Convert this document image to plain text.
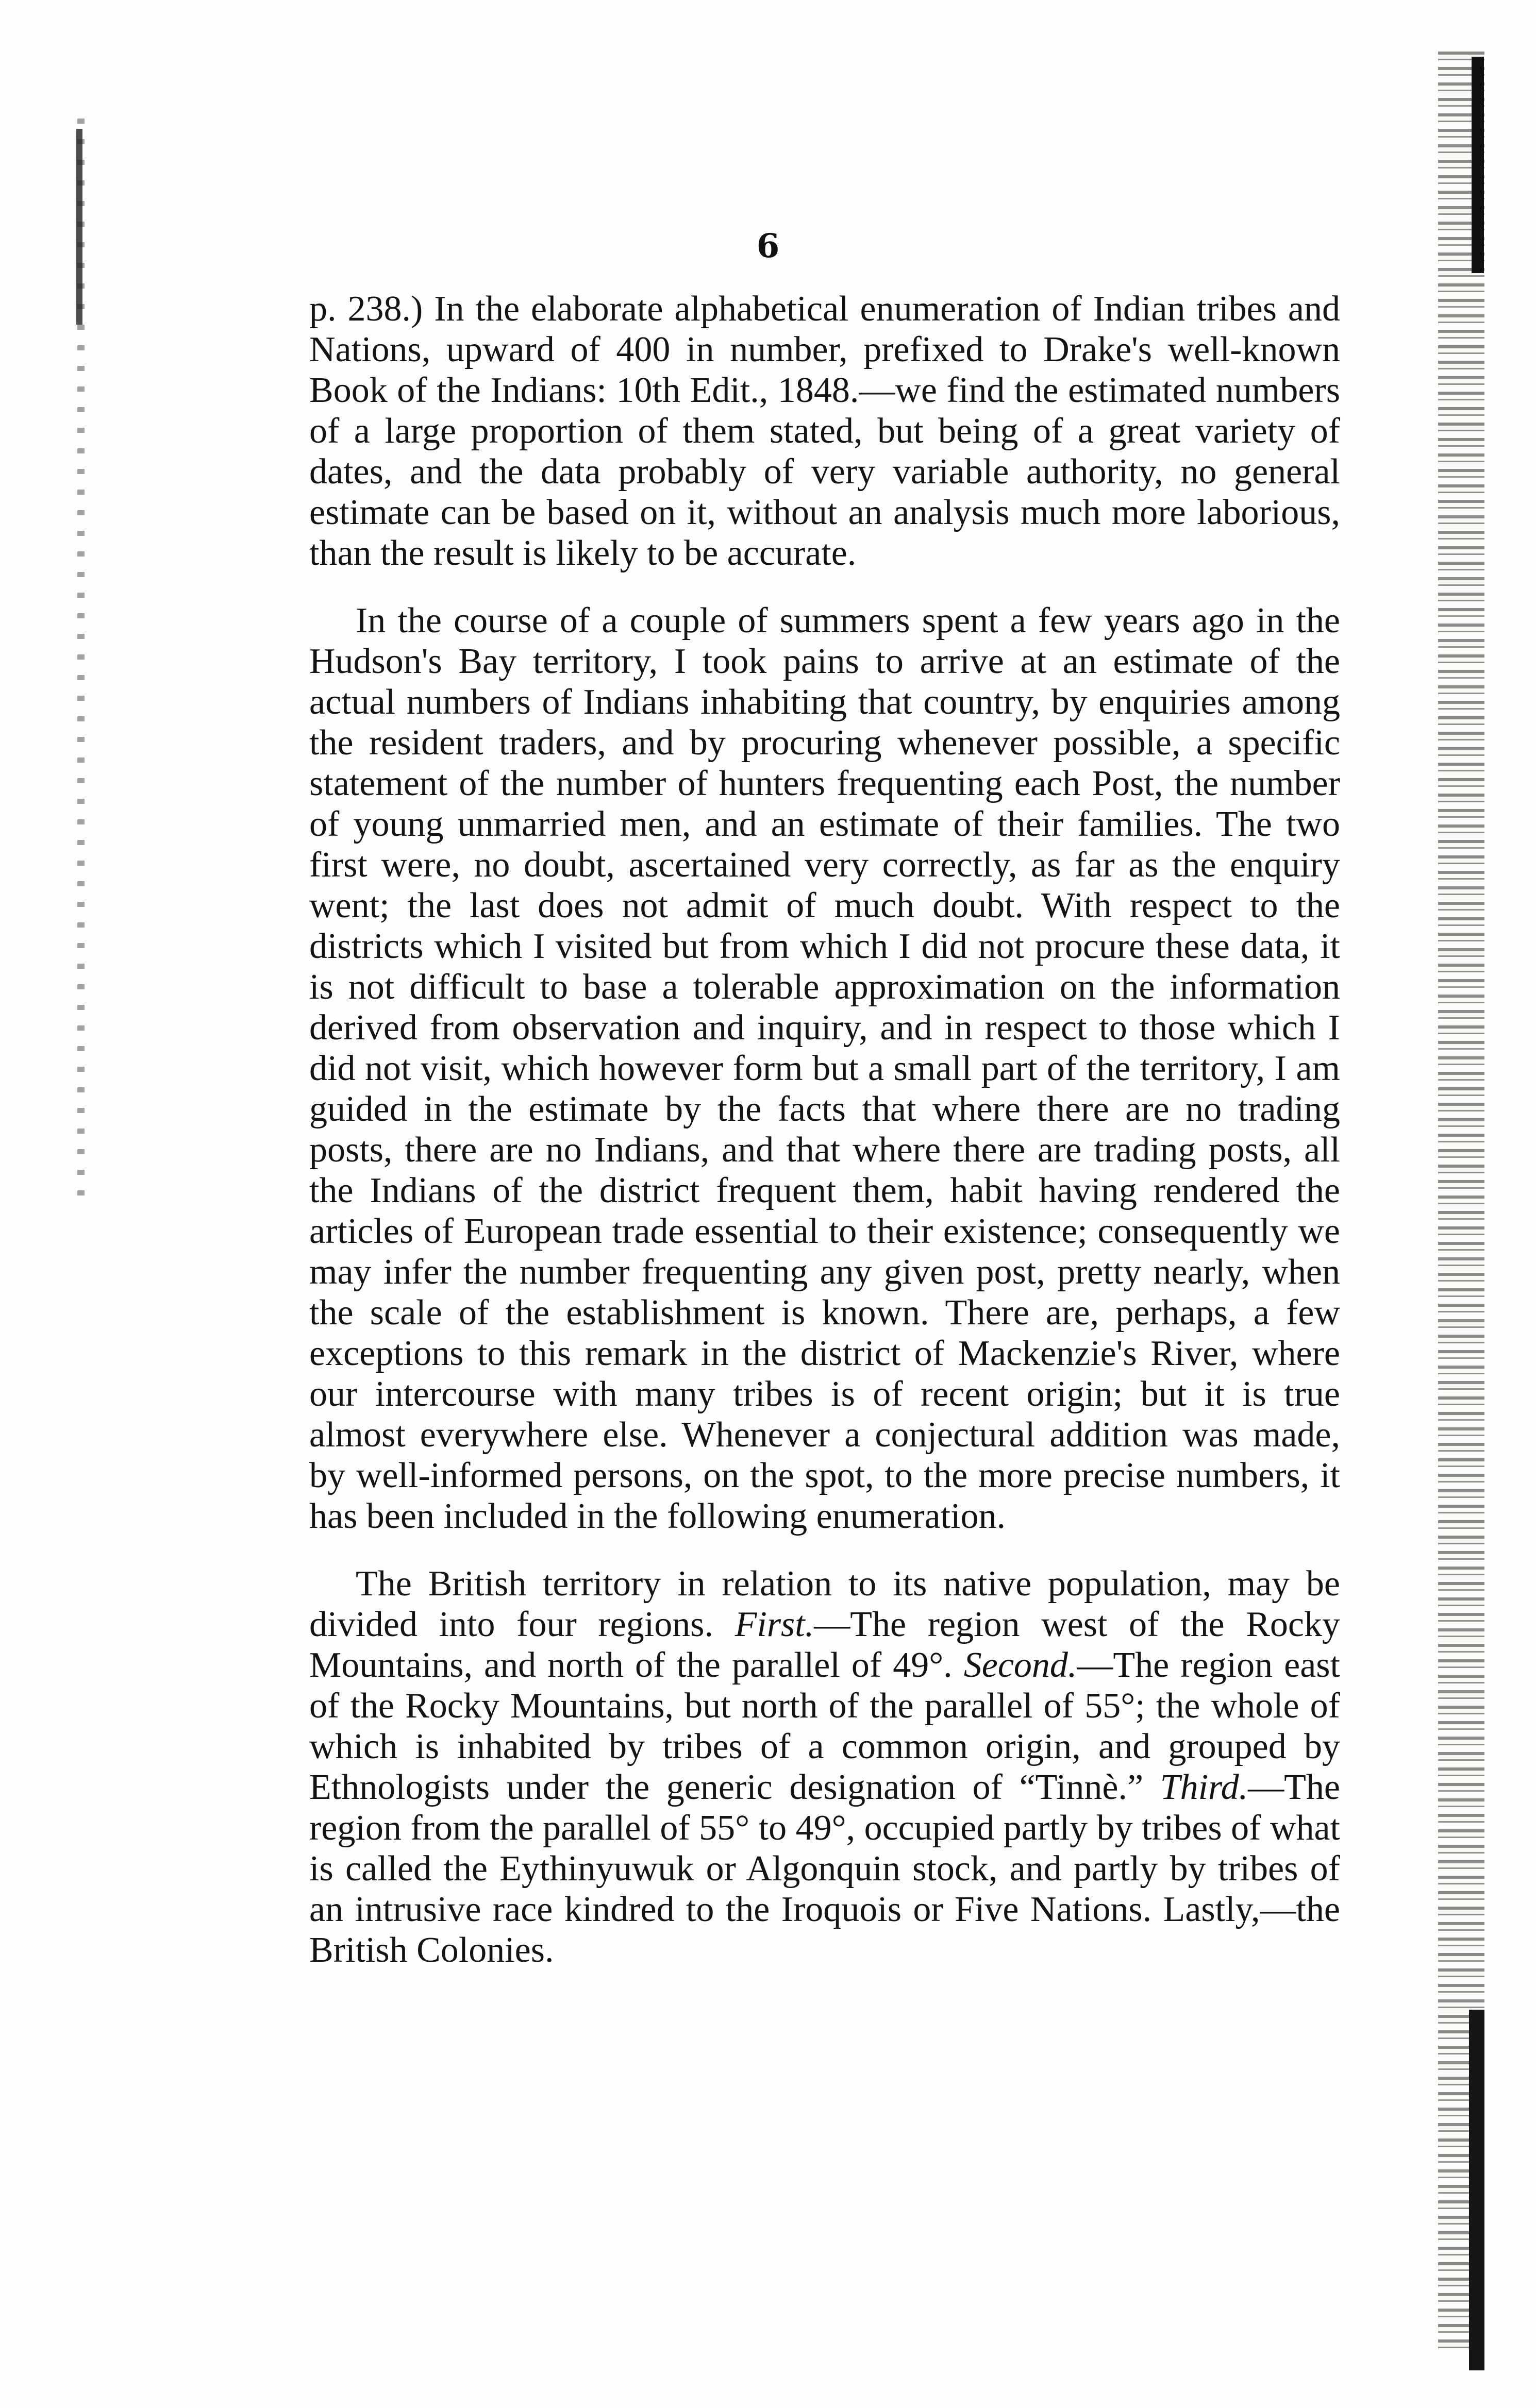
6

p. 238.) In the elaborate alphabetical enumeration of Indian tribes and Nations, upward of 400 in number, prefixed to Drake's well-known Book of the Indians: 10th Edit., 1848.—we find the estimated numbers of a large proportion of them stated, but being of a great variety of dates, and the data probably of very variable authority, no general estimate can be based on it, without an analysis much more laborious, than the result is likely to be accurate.

In the course of a couple of summers spent a few years ago in the Hudson's Bay territory, I took pains to arrive at an estimate of the actual numbers of Indians inhabiting that country, by enquiries among the resident traders, and by procuring whenever possible, a specific statement of the number of hunters frequenting each Post, the number of young unmarried men, and an estimate of their families. The two first were, no doubt, ascertained very correctly, as far as the enquiry went; the last does not admit of much doubt. With respect to the districts which I visited but from which I did not procure these data, it is not difficult to base a tolerable approximation on the information derived from observation and inquiry, and in respect to those which I did not visit, which however form but a small part of the territory, I am guided in the estimate by the facts that where there are no trading posts, there are no Indians, and that where there are trading posts, all the Indians of the district frequent them, habit having rendered the articles of European trade essential to their existence; consequently we may infer the number frequenting any given post, pretty nearly, when the scale of the establishment is known. There are, perhaps, a few exceptions to this remark in the district of Mackenzie's River, where our intercourse with many tribes is of recent origin; but it is true almost everywhere else. Whenever a conjectural addition was made, by well-informed persons, on the spot, to the more precise numbers, it has been included in the following enumeration.

The British territory in relation to its native population, may be divided into four regions. First.—The region west of the Rocky Mountains, and north of the parallel of 49°. Second.—The region east of the Rocky Mountains, but north of the parallel of 55°; the whole of which is inhabited by tribes of a common origin, and grouped by Ethnologists under the generic designation of “Tinnè.” Third.—The region from the parallel of 55° to 49°, occupied partly by tribes of what is called the Eythinyuwuk or Algonquin stock, and partly by tribes of an intrusive race kindred to the Iroquois or Five Nations. Lastly,—the British Colonies.
